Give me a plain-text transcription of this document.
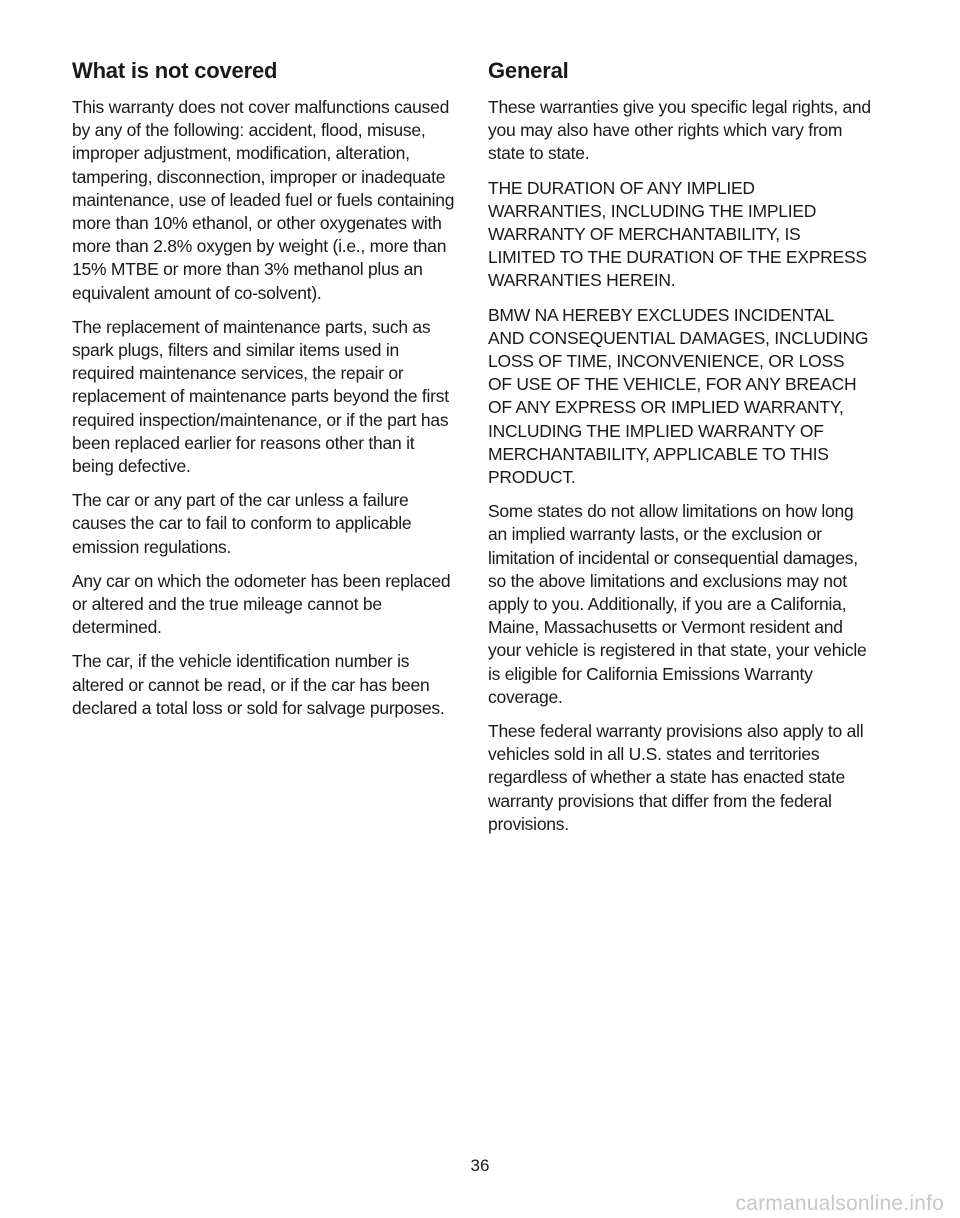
What is not covered

This warranty does not cover malfunctions caused by any of the following: accident, flood, misuse, improper adjustment, modification, alteration, tampering, disconnection, improper or inadequate maintenance, use of leaded fuel or fuels containing more than 10% ethanol, or other oxygenates with more than 2.8% oxygen by weight (i.e., more than 15% MTBE or more than 3% methanol plus an equivalent amount of co-solvent).

The replacement of maintenance parts, such as spark plugs, filters and similar items used in required maintenance services, the repair or replacement of maintenance parts beyond the first required inspection/maintenance, or if the part has been replaced earlier for reasons other than it being defective.

The car or any part of the car unless a failure causes the car to fail to conform to applicable emission regulations.

Any car on which the odometer has been replaced or altered and the true mileage cannot be determined.

The car, if the vehicle identification number is altered or cannot be read, or if the car has been declared a total loss or sold for salvage purposes.

General

These warranties give you specific legal rights, and you may also have other rights which vary from state to state.

THE DURATION OF ANY IMPLIED WARRANTIES, INCLUDING THE IMPLIED WARRANTY OF MERCHANTABILITY, IS LIMITED TO THE DURATION OF THE EXPRESS WARRANTIES HEREIN.

BMW NA HEREBY EXCLUDES INCIDENTAL AND CONSEQUENTIAL DAMAGES, INCLUDING LOSS OF TIME, INCONVENIENCE, OR LOSS OF USE OF THE VEHICLE, FOR ANY BREACH OF ANY EXPRESS OR IMPLIED WARRANTY, INCLUDING THE IMPLIED WARRANTY OF MERCHANTABILITY, APPLICABLE TO THIS PRODUCT.

Some states do not allow limitations on how long an implied warranty lasts, or the exclusion or limitation of incidental or consequential damages, so the above limitations and exclusions may not apply to you. Additionally, if you are a California, Maine, Massachusetts or Vermont resident and your vehicle is registered in that state, your vehicle is eligible for California Emissions Warranty coverage.

These federal warranty provisions also apply to all vehicles sold in all U.S. states and territories regardless of whether a state has enacted state warranty provisions that differ from the federal provisions.

36
carmanualsonline.info
